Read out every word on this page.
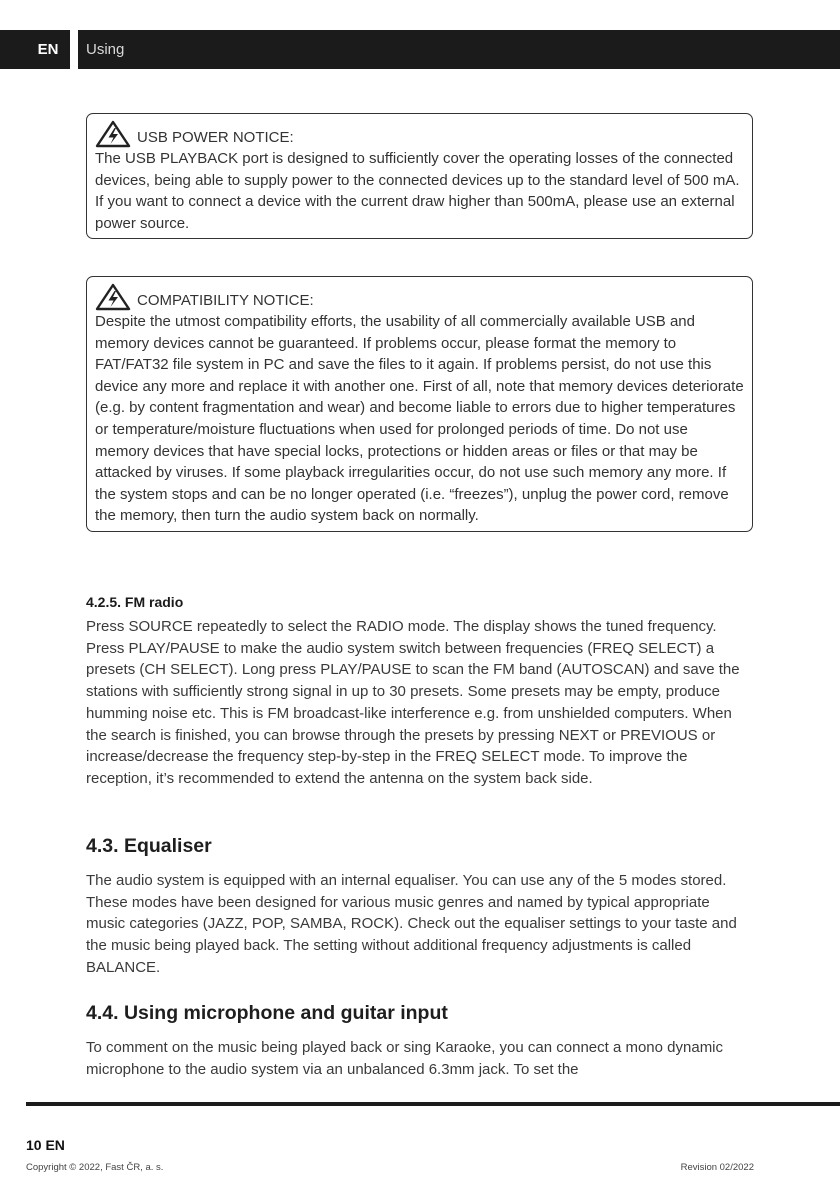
EN	Using
USB POWER NOTICE:

The USB PLAYBACK port is designed to sufficiently cover the operating losses of the connected devices, being able to supply power to the connected devices up to the standard level of 500 mA. If you want to connect a device with the current draw higher than 500mA, please use an external power source.

COMPATIBILITY NOTICE:

Despite the utmost compatibility efforts, the usability of all commercially available USB and memory devices cannot be guaranteed. If problems occur, please format the memory to FAT/FAT32 file system in PC and save the files to it again. If problems persist, do not use this device any more and replace it with another one. First of all, note that memory devices deteriorate (e.g. by content fragmentation and wear) and become liable to errors due to higher temperatures or temperature/moisture fluctuations when used for prolonged periods of time. Do not use memory devices that have special locks, protections or hidden areas or files or that may be attacked by viruses. If some playback irregularities occur, do not use such memory any more. If the system stops and can be no longer operated (i.e. “freezes”), unplug the power cord, remove the memory, then turn the audio system back on normally.

4.2.5. FM radio

Press SOURCE repeatedly to select the RADIO mode. The display shows the tuned frequency. Press PLAY/PAUSE to make the audio system switch between frequencies (FREQ SELECT) a presets (CH SELECT). Long press PLAY/PAUSE to scan the FM band (AUTOSCAN) and save the stations with sufficiently strong signal in up to 30 presets. Some presets may be empty, produce humming noise etc. This is FM broadcast-like interference e.g. from unshielded computers. When the search is finished, you can browse through the presets by pressing NEXT or PREVIOUS or increase/decrease the frequency step-by-step in the FREQ SELECT mode. To improve the reception, it’s recommended to extend the antenna on the system back side.

4.3. Equaliser

The audio system is equipped with an internal equaliser. You can use any of the 5 modes stored. These modes have been designed for various music genres and named by typical appropriate music categories (JAZZ, POP, SAMBA, ROCK). Check out the equaliser settings to your taste and the music being played back. The setting without additional frequency adjustments is called BALANCE.

4.4. Using microphone and guitar input

To comment on the music being played back or sing Karaoke, you can connect a mono dynamic microphone to the audio system via an unbalanced 6.3mm jack. To set the

10 EN
Copyright © 2022, Fast ČR, a. s.	Revision 02/2022
